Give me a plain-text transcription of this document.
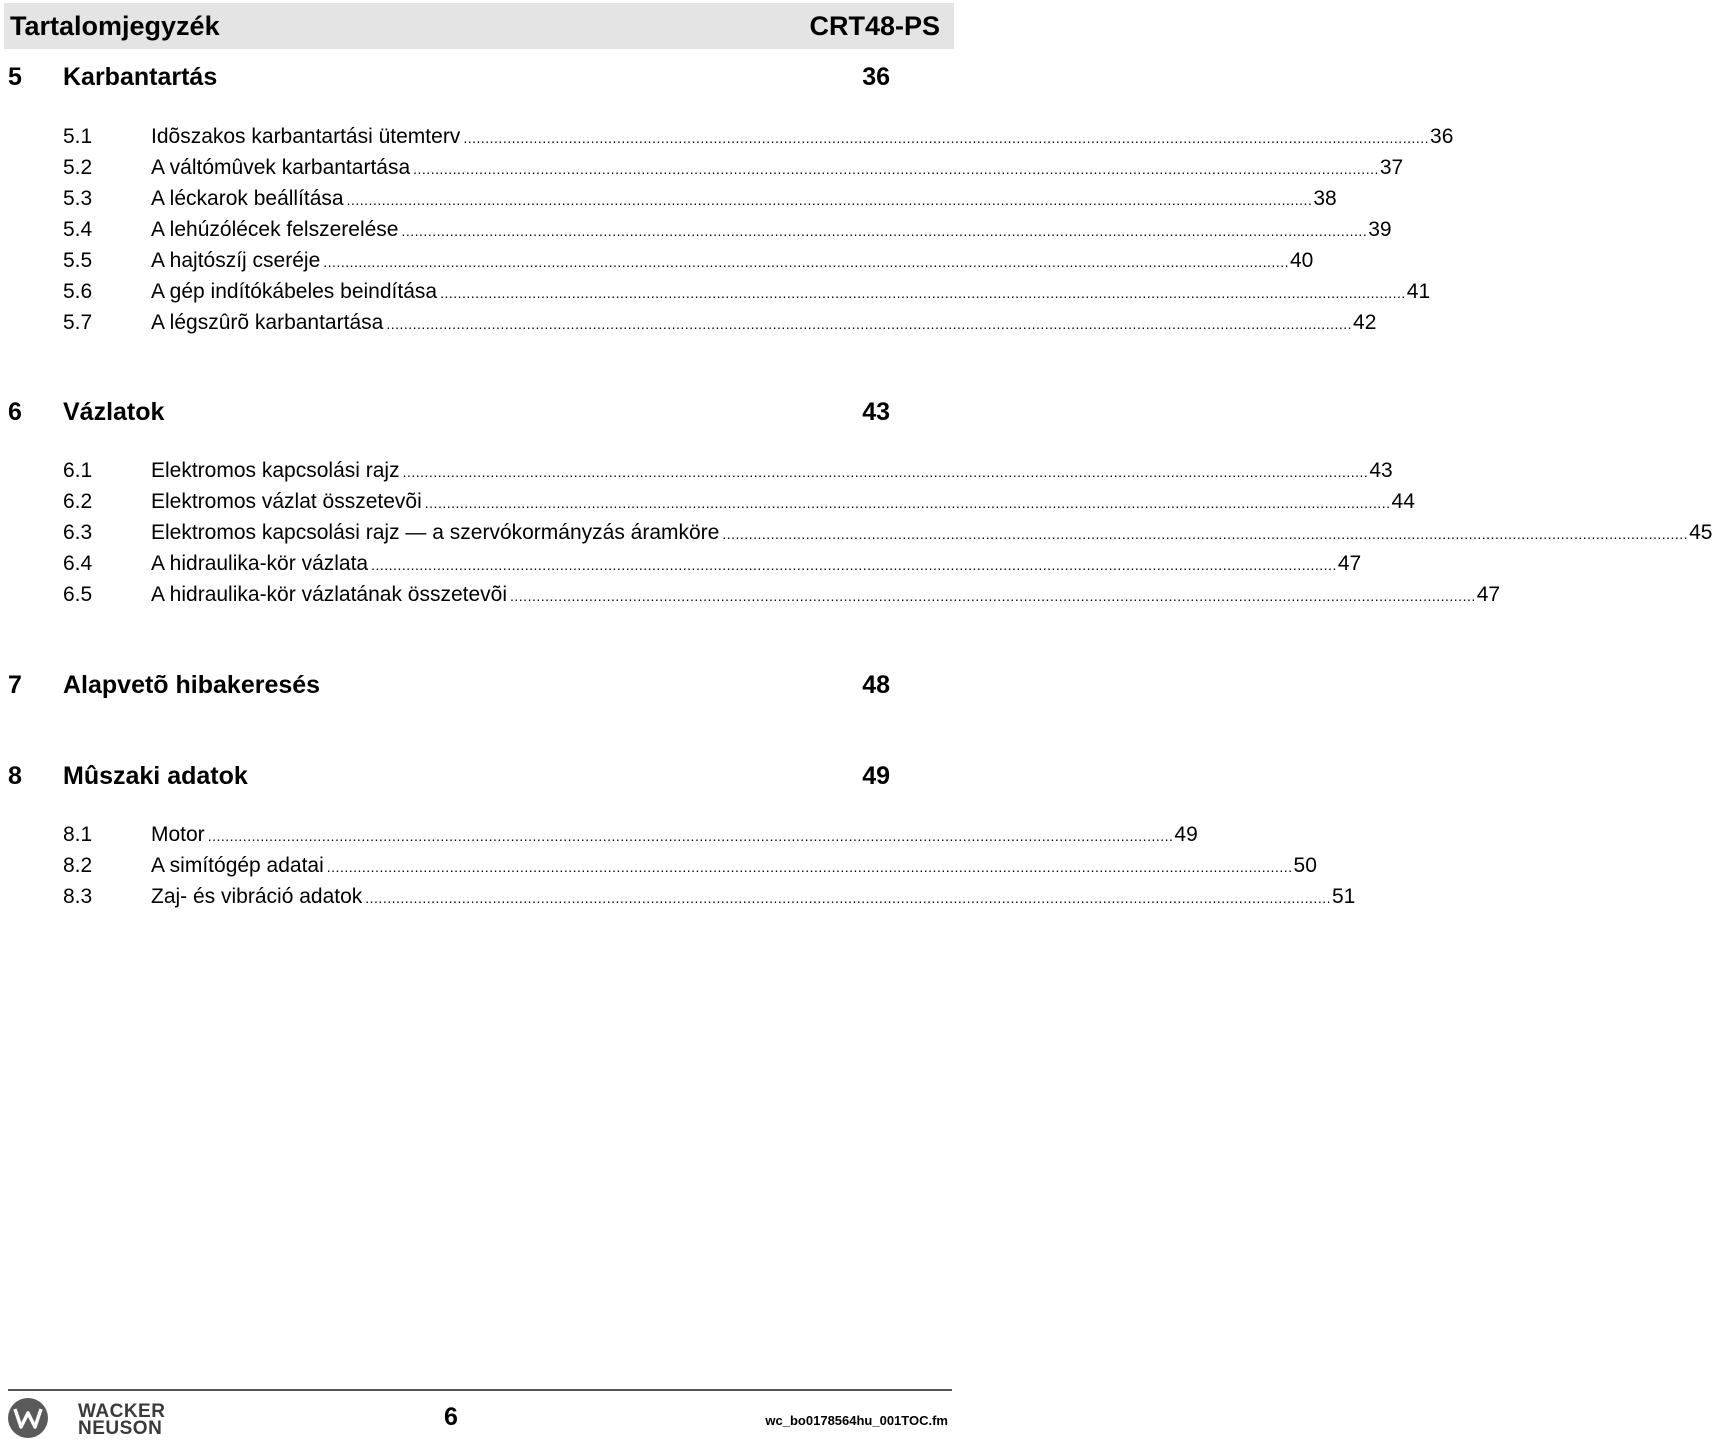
Tartalomjegyzék	CRT48-PS
5 Karbantartás	36
5.1	Idõszakos karbantartási ütemterv ............................................................................................................................................................................................................................ 36
5.2	A váltómûvek karbantartása ............................................................................................................................................................................................................................ 37
5.3	A léckarok beállítása ............................................................................................................................................................................................................................ 38
5.4	A lehúzólécek felszerelése ............................................................................................................................................................................................................................ 39
5.5	A hajtószíj cseréje ............................................................................................................................................................................................................................ 40
5.6	A gép indítókábeles beindítása ............................................................................................................................................................................................................................ 41
5.7	A légszûrõ karbantartása ............................................................................................................................................................................................................................ 42
6 Vázlatok	43
6.1	Elektromos kapcsolási rajz ............................................................................................................................................................................................................................ 43
6.2	Elektromos vázlat összetevõi ............................................................................................................................................................................................................................ 44
6.3	Elektromos kapcsolási rajz — a szervókormányzás áramköre ............................................................................................................................................................................................................................ 45
6.4	A hidraulika-kör vázlata ............................................................................................................................................................................................................................ 47
6.5	A hidraulika-kör vázlatának összetevõi ............................................................................................................................................................................................................................ 47
7 Alapvetõ hibakeresés	48
8 Mûszaki adatok	49
8.1	Motor ............................................................................................................................................................................................................................ 49
8.2	A simítógép adatai ............................................................................................................................................................................................................................ 50
8.3	Zaj- és vibráció adatok ............................................................................................................................................................................................................................ 51
WACKER
NEUSON	6	wc_bo0178564hu_001TOC.fm
